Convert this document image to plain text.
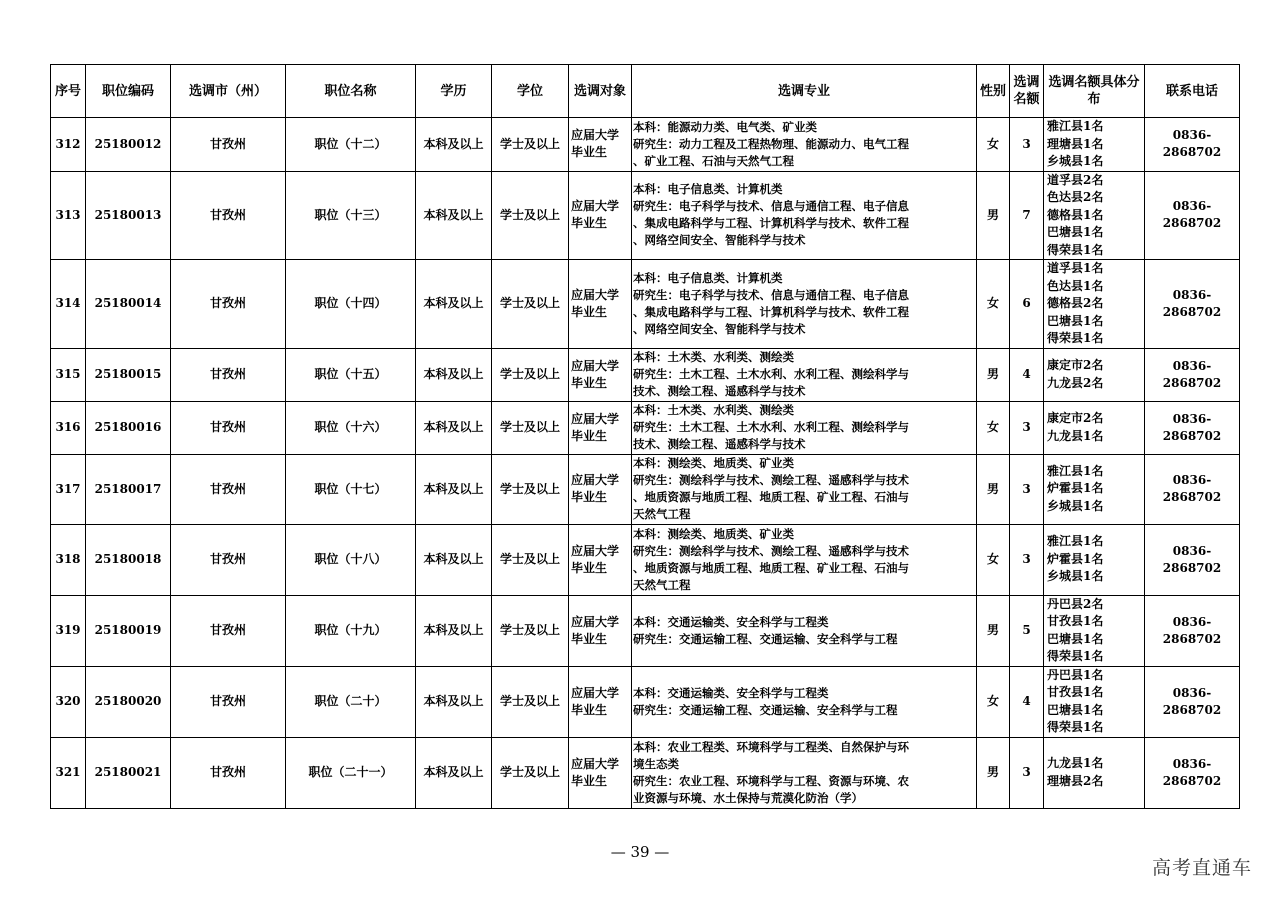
序号	职位编码	选调市（州）	职位名称	学历	学位	选调对象	选调专业	性别	选调名额	选调名额具体分布	联系电话
312	25180012	甘孜州	职位（十二）	本科及以上	学士及以上	应届大学毕业生	本科：能源动力类、电气类、矿业类
研究生：动力工程及工程热物理、能源动力、电气工程
、矿业工程、石油与天然气工程	女	3	雅江县1名
理塘县1名
乡城县1名	0836-2868702
313	25180013	甘孜州	职位（十三）	本科及以上	学士及以上	应届大学毕业生	本科：电子信息类、计算机类
研究生：电子科学与技术、信息与通信工程、电子信息
、集成电路科学与工程、计算机科学与技术、软件工程
、网络空间安全、智能科学与技术	男	7	道孚县2名
色达县2名
德格县1名
巴塘县1名
得荣县1名	0836-2868702
314	25180014	甘孜州	职位（十四）	本科及以上	学士及以上	应届大学毕业生	本科：电子信息类、计算机类
研究生：电子科学与技术、信息与通信工程、电子信息
、集成电路科学与工程、计算机科学与技术、软件工程
、网络空间安全、智能科学与技术	女	6	道孚县1名
色达县1名
德格县2名
巴塘县1名
得荣县1名	0836-2868702
315	25180015	甘孜州	职位（十五）	本科及以上	学士及以上	应届大学毕业生	本科：土木类、水利类、测绘类
研究生：土木工程、土木水利、水利工程、测绘科学与
技术、测绘工程、遥感科学与技术	男	4	康定市2名
九龙县2名	0836-2868702
316	25180016	甘孜州	职位（十六）	本科及以上	学士及以上	应届大学毕业生	本科：土木类、水利类、测绘类
研究生：土木工程、土木水利、水利工程、测绘科学与
技术、测绘工程、遥感科学与技术	女	3	康定市2名
九龙县1名	0836-2868702
317	25180017	甘孜州	职位（十七）	本科及以上	学士及以上	应届大学毕业生	本科：测绘类、地质类、矿业类
研究生：测绘科学与技术、测绘工程、遥感科学与技术
、地质资源与地质工程、地质工程、矿业工程、石油与
天然气工程	男	3	雅江县1名
炉霍县1名
乡城县1名	0836-2868702
318	25180018	甘孜州	职位（十八）	本科及以上	学士及以上	应届大学毕业生	本科：测绘类、地质类、矿业类
研究生：测绘科学与技术、测绘工程、遥感科学与技术
、地质资源与地质工程、地质工程、矿业工程、石油与
天然气工程	女	3	雅江县1名
炉霍县1名
乡城县1名	0836-2868702
319	25180019	甘孜州	职位（十九）	本科及以上	学士及以上	应届大学毕业生	本科：交通运输类、安全科学与工程类
研究生：交通运输工程、交通运输、安全科学与工程	男	5	丹巴县2名
甘孜县1名
巴塘县1名
得荣县1名	0836-2868702
320	25180020	甘孜州	职位（二十）	本科及以上	学士及以上	应届大学毕业生	本科：交通运输类、安全科学与工程类
研究生：交通运输工程、交通运输、安全科学与工程	女	4	丹巴县1名
甘孜县1名
巴塘县1名
得荣县1名	0836-2868702
321	25180021	甘孜州	职位（二十一）	本科及以上	学士及以上	应届大学毕业生	本科：农业工程类、环境科学与工程类、自然保护与环
境生态类
研究生：农业工程、环境科学与工程、资源与环境、农
业资源与环境、水土保持与荒漠化防治（学）	男	3	九龙县1名
理塘县2名	0836-2868702
— 39 —
高考直通车
